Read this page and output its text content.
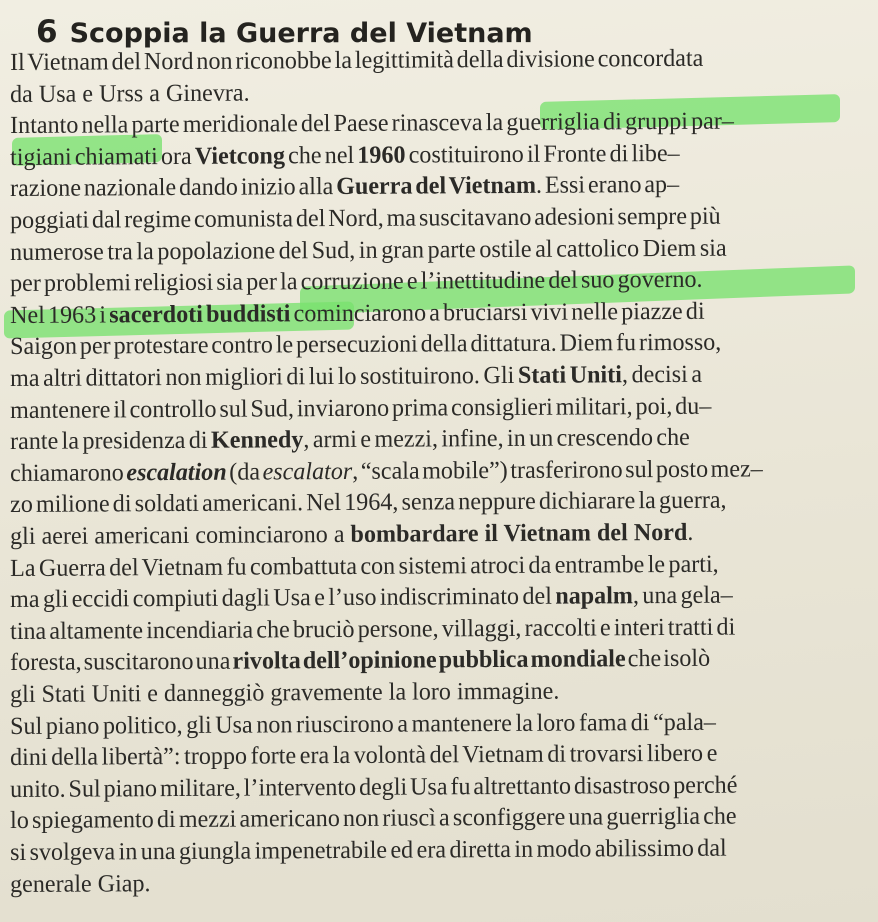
6 Scoppia la Guerra del Vietnam
Il Vietnam del Nord non riconobbe la legittimità della divisione concordata
da Usa e Urss a Ginevra.
Intanto nella parte meridionale del Paese rinasceva la guerriglia di gruppi par–
tigiani chiamati ora Vietcong che nel 1960 costituirono il Fronte di libe–
razione nazionale dando inizio alla Guerra del Vietnam. Essi erano ap–
poggiati dal regime comunista del Nord, ma suscitavano adesioni sempre più
numerose tra la popolazione del Sud, in gran parte ostile al cattolico Diem sia
per problemi religiosi sia per la corruzione e l’inettitudine del suo governo.
Nel 1963 i sacerdoti buddisti cominciarono a bruciarsi vivi nelle piazze di
Saigon per protestare contro le persecuzioni della dittatura. Diem fu rimosso,
ma altri dittatori non migliori di lui lo sostituirono. Gli Stati Uniti, decisi a
mantenere il controllo sul Sud, inviarono prima consiglieri militari, poi, du–
rante la presidenza di Kennedy, armi e mezzi, infine, in un crescendo che
chiamarono escalation (da escalator, “scala mobile”) trasferirono sul posto mez–
zo milione di soldati americani. Nel 1964, senza neppure dichiarare la guerra,
gli aerei americani cominciarono a bombardare il Vietnam del Nord.
La Guerra del Vietnam fu combattuta con sistemi atroci da entrambe le parti,
ma gli eccidi compiuti dagli Usa e l’uso indiscriminato del napalm, una gela–
tina altamente incendiaria che bruciò persone, villaggi, raccolti e interi tratti di
foresta, suscitarono una rivolta dell’opinione pubblica mondiale che isolò
gli Stati Uniti e danneggiò gravemente la loro immagine.
Sul piano politico, gli Usa non riuscirono a mantenere la loro fama di “pala–
dini della libertà”: troppo forte era la volontà del Vietnam di trovarsi libero e
unito. Sul piano militare, l’intervento degli Usa fu altrettanto disastroso perché
lo spiegamento di mezzi americano non riuscì a sconfiggere una guerriglia che
si svolgeva in una giungla impenetrabile ed era diretta in modo abilissimo dal
generale Giap.
